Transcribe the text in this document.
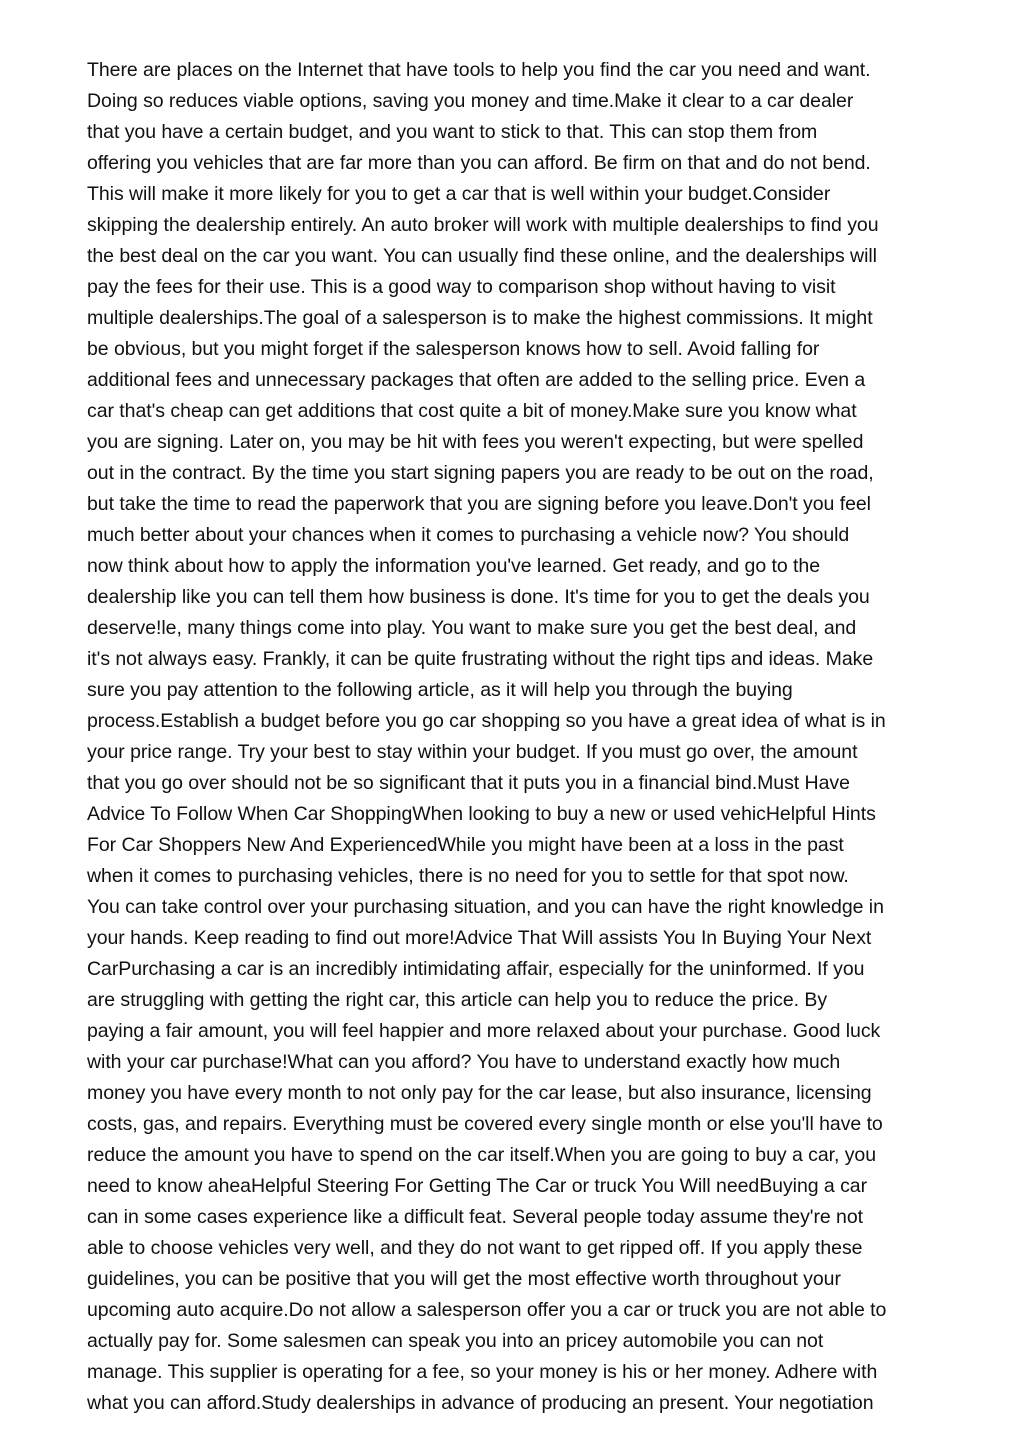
There are places on the Internet that have tools to help you find the car you need and want.
Doing so reduces viable options, saving you money and time.Make it clear to a car dealer
that you have a certain budget, and you want to stick to that. This can stop them from
offering you vehicles that are far more than you can afford. Be firm on that and do not bend.
This will make it more likely for you to get a car that is well within your budget.Consider
skipping the dealership entirely. An auto broker will work with multiple dealerships to find you
the best deal on the car you want. You can usually find these online, and the dealerships will
pay the fees for their use. This is a good way to comparison shop without having to visit
multiple dealerships.The goal of a salesperson is to make the highest commissions. It might
be obvious, but you might forget if the salesperson knows how to sell. Avoid falling for
additional fees and unnecessary packages that often are added to the selling price. Even a
car that's cheap can get additions that cost quite a bit of money.Make sure you know what
you are signing. Later on, you may be hit with fees you weren't expecting, but were spelled
out in the contract. By the time you start signing papers you are ready to be out on the road,
but take the time to read the paperwork that you are signing before you leave.Don't you feel
much better about your chances when it comes to purchasing a vehicle now? You should
now think about how to apply the information you've learned. Get ready, and go to the
dealership like you can tell them how business is done. It's time for you to get the deals you
deserve!le, many things come into play. You want to make sure you get the best deal, and
it's not always easy. Frankly, it can be quite frustrating without the right tips and ideas. Make
sure you pay attention to the following article, as it will help you through the buying
process.Establish a budget before you go car shopping so you have a great idea of what is in
your price range. Try your best to stay within your budget. If you must go over, the amount
that you go over should not be so significant that it puts you in a financial bind.Must Have
Advice To Follow When Car ShoppingWhen looking to buy a new or used vehicHelpful Hints
For Car Shoppers New And ExperiencedWhile you might have been at a loss in the past
when it comes to purchasing vehicles, there is no need for you to settle for that spot now.
You can take control over your purchasing situation, and you can have the right knowledge in
your hands. Keep reading to find out more!Advice That Will assists You In Buying Your Next
CarPurchasing a car is an incredibly intimidating affair, especially for the uninformed. If you
are struggling with getting the right car, this article can help you to reduce the price. By
paying a fair amount, you will feel happier and more relaxed about your purchase. Good luck
with your car purchase!What can you afford? You have to understand exactly how much
money you have every month to not only pay for the car lease, but also insurance, licensing
costs, gas, and repairs. Everything must be covered every single month or else you'll have to
reduce the amount you have to spend on the car itself.When you are going to buy a car, you
need to know aheaHelpful Steering For Getting The Car or truck You Will needBuying a car
can in some cases experience like a difficult feat. Several people today assume they're not
able to choose vehicles very well, and they do not want to get ripped off. If you apply these
guidelines, you can be positive that you will get the most effective worth throughout your
upcoming auto acquire.Do not allow a salesperson offer you a car or truck you are not able to
actually pay for. Some salesmen can speak you into an pricey automobile you can not
manage. This supplier is operating for a fee, so your money is his or her money. Adhere with
what you can afford.Study dealerships in advance of producing an present. Your negotiation
